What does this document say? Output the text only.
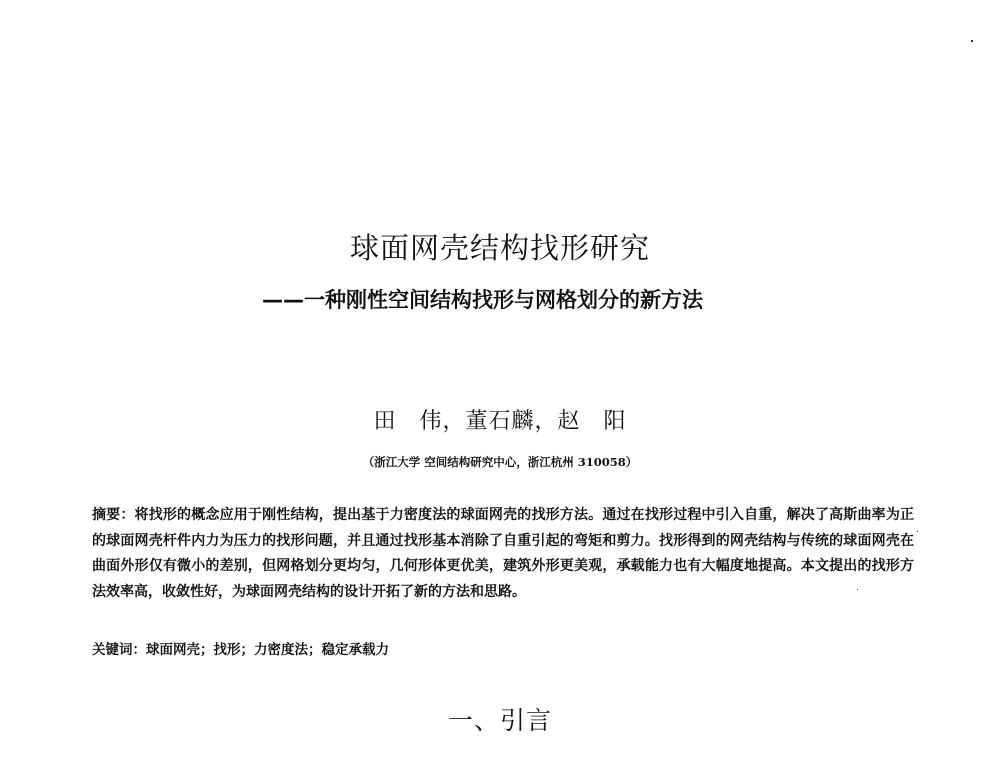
球面网壳结构找形研究
——一种刚性空间结构找形与网格划分的新方法
田　伟，董石麟，赵　阳
（浙江大学 空间结构研究中心，浙江杭州 310058）
摘要：将找形的概念应用于刚性结构，提出基于力密度法的球面网壳的找形方法。通过在找形过程中引入自重，解决了高斯曲率为正的球面网壳杆件内力为压力的找形问题，并且通过找形基本消除了自重引起的弯矩和剪力。找形得到的网壳结构与传统的球面网壳在曲面外形仅有微小的差别，但网格划分更均匀，几何形体更优美，建筑外形更美观，承载能力也有大幅度地提高。本文提出的找形方法效率高，收敛性好，为球面网壳结构的设计开拓了新的方法和思路。
关键词：球面网壳；找形；力密度法；稳定承载力
一、引言
